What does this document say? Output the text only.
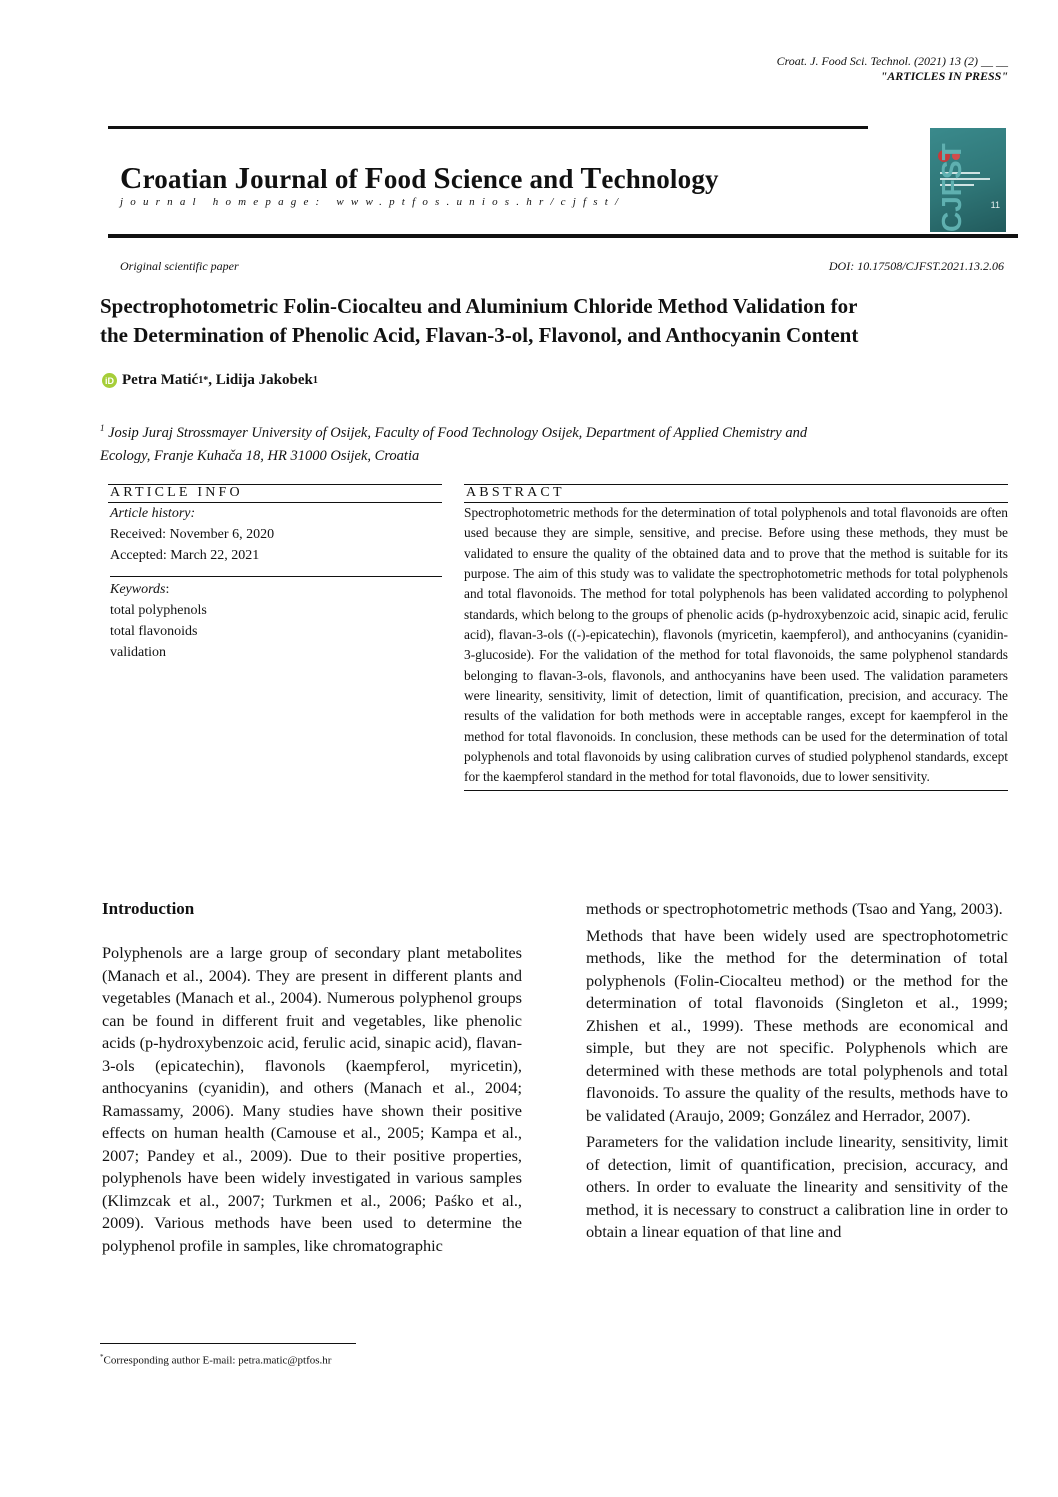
Croat. J. Food Sci. Technol. (2021) 13 (2) __ __
"ARTICLES IN PRESS"
Croatian Journal of Food Science and Technology
journal homepage: www.ptfos.unios.hr/cjfst/	CJFST	11
Original scientific paper	DOI: 10.17508/CJFST.2021.13.2.06
Spectrophotometric Folin-Ciocalteu and Aluminium Chloride Method Validation for
the Determination of Phenolic Acid, Flavan-3-ol, Flavonol, and Anthocyanin Content
iD Petra Matić 1* , Lidija Jakobek 1
$^1$ Josip Juraj Strossmayer University of Osijek, Faculty of Food Technology Osijek, Department of Applied Chemistry and
Ecology, Franje Kuhača 18, HR 31000 Osijek, Croatia
ARTICLE INFO
Article history:
Received: November 6, 2020
Accepted: March 22, 2021
Keywords:
total polyphenols
total flavonoids
validation
ABSTRACT
Spectrophotometric methods for the determination of total polyphenols and total flavonoids are often used because they are simple, sensitive, and precise. Before using these methods, they must be validated to ensure the quality of the obtained data and to prove that the method is suitable for its purpose. The aim of this study was to validate the spectrophotometric methods for total polyphenols and total flavonoids. The method for total polyphenols has been validated according to polyphenol standards, which belong to the groups of phenolic acids (p-hydroxybenzoic acid, sinapic acid, ferulic acid), flavan-3-ols ((-)-epicatechin), flavonols (myricetin, kaempferol), and anthocyanins (cyanidin-3-glucoside). For the validation of the method for total flavonoids, the same polyphenol standards belonging to flavan-3-ols, flavonols, and anthocyanins have been used. The validation parameters were linearity, sensitivity, limit of detection, limit of quantification, precision, and accuracy. The results of the validation for both methods were in acceptable ranges, except for kaempferol in the method for total flavonoids. In conclusion, these methods can be used for the determination of total polyphenols and total flavonoids by using calibration curves of studied polyphenol standards, except for the kaempferol standard in the method for total flavonoids, due to lower sensitivity.
Introduction

Polyphenols are a large group of secondary plant metabolites (Manach et al., 2004). They are present in different plants and vegetables (Manach et al., 2004). Numerous polyphenol groups can be found in different fruit and vegetables, like phenolic acids (p-hydroxybenzoic acid, ferulic acid, sinapic acid), flavan-3-ols (epicatechin), flavonols (kaempferol, myricetin), anthocyanins (cyanidin), and others (Manach et al., 2004; Ramassamy, 2006). Many studies have shown their positive effects on human health (Camouse et al., 2005; Kampa et al., 2007; Pandey et al., 2009). Due to their positive properties, polyphenols have been widely investigated in various samples (Klimzcak et al., 2007; Turkmen et al., 2006; Paśko et al., 2009). Various methods have been used to determine the polyphenol profile in samples, like chromatographic

methods or spectrophotometric methods (Tsao and Yang, 2003).

Methods that have been widely used are spectrophotometric methods, like the method for the determination of total polyphenols (Folin-Ciocalteu method) or the method for the determination of total flavonoids (Singleton et al., 1999; Zhishen et al., 1999). These methods are economical and simple, but they are not specific. Polyphenols which are determined with these methods are total polyphenols and total flavonoids. To assure the quality of the results, methods have to be validated (Araujo, 2009; González and Herrador, 2007).

Parameters for the validation include linearity, sensitivity, limit of detection, limit of quantification, precision, accuracy, and others. In order to evaluate the linearity and sensitivity of the method, it is necessary to construct a calibration line in order to obtain a linear equation of that line and

*Corresponding author E-mail: petra.matic@ptfos.hr
